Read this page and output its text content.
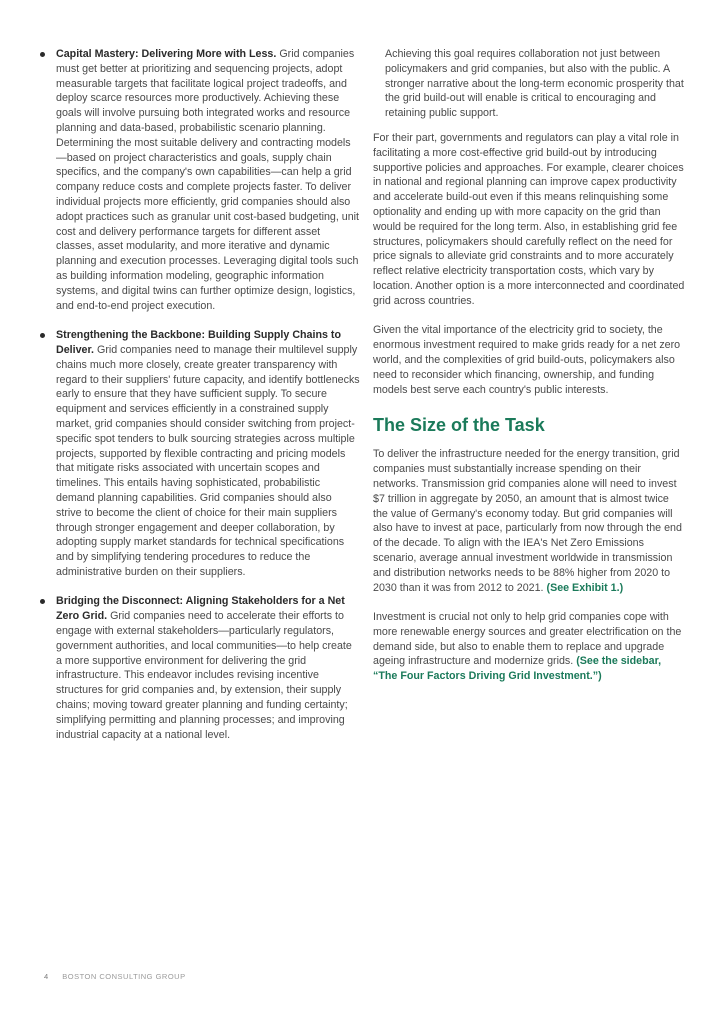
Capital Mastery: Delivering More with Less. Grid companies must get better at prioritizing and sequencing projects, adopt measurable targets that facilitate logical project tradeoffs, and deploy scarce resources more productively. Achieving these goals will involve pursuing both integrated works and resource planning and data-based, probabilistic scenario planning. Determining the most suitable delivery and contracting models—based on project characteristics and goals, supply chain specifics, and the company's own capabilities—can help a grid company reduce costs and complete projects faster. To deliver individual projects more efficiently, grid companies should also adopt practices such as granular unit cost-based budgeting, unit cost and delivery performance targets for different asset classes, asset modularity, and more iterative and dynamic planning and execution processes. Leveraging digital tools such as building information modeling, geographic information systems, and digital twins can further optimize design, logistics, and end-to-end project execution.
Strengthening the Backbone: Building Supply Chains to Deliver. Grid companies need to manage their multilevel supply chains much more closely, create greater transparency with regard to their suppliers' future capacity, and identify bottlenecks early to ensure that they have sufficient supply. To secure equipment and services efficiently in a constrained supply market, grid companies should consider switching from project-specific spot tenders to bulk sourcing strategies across multiple projects, supported by flexible contracting and pricing models that mitigate risks associated with uncertain scopes and timelines. This entails having sophisticated, probabilistic demand planning capabilities. Grid companies should also strive to become the client of choice for their main suppliers through stronger engagement and deeper collaboration, by adopting supply market standards for technical specifications and by simplifying tendering procedures to reduce the administrative burden on their suppliers.
Bridging the Disconnect: Aligning Stakeholders for a Net Zero Grid. Grid companies need to accelerate their efforts to engage with external stakeholders—particularly regulators, government authorities, and local communities—to help create a more supportive environment for delivering the grid infrastructure. This endeavor includes revising incentive structures for grid companies and, by extension, their supply chains; moving toward greater planning and funding certainty; simplifying permitting and planning processes; and improving industrial capacity at a national level.

Achieving this goal requires collaboration not just between policymakers and grid companies, but also with the public. A stronger narrative about the long-term economic prosperity that the grid build-out will enable is critical to encouraging and retaining public support.

For their part, governments and regulators can play a vital role in facilitating a more cost-effective grid build-out by introducing supportive policies and approaches. For example, clearer choices in national and regional planning can improve capex productivity and accelerate build-out even if this means relinquishing some optionality and ending up with more capacity on the grid than would be required for the long term. Also, in establishing grid fee structures, policymakers should carefully reflect on the need for price signals to alleviate grid constraints and to more accurately reflect relative electricity transportation costs, which vary by location. Another option is a more interconnected and coordinated grid across countries.

Given the vital importance of the electricity grid to society, the enormous investment required to make grids ready for a net zero world, and the complexities of grid build-outs, policymakers also need to reconsider which financing, ownership, and funding models best serve each country's public interests.

The Size of the Task

To deliver the infrastructure needed for the energy transition, grid companies must substantially increase spending on their networks. Transmission grid companies alone will need to invest $7 trillion in aggregate by 2050, an amount that is almost twice the value of Germany's economy today. But grid companies will also have to invest at pace, particularly from now through the end of the decade. To align with the IEA's Net Zero Emissions scenario, average annual investment worldwide in transmission and distribution networks needs to be 88% higher from 2020 to 2030 than it was from 2012 to 2021. (See Exhibit 1.)

Investment is crucial not only to help grid companies cope with more renewable energy sources and greater electrification on the demand side, but also to enable them to replace and upgrade ageing infrastructure and modernize grids. (See the sidebar, “The Four Factors Driving Grid Investment.”)

4 BOSTON CONSULTING GROUP
